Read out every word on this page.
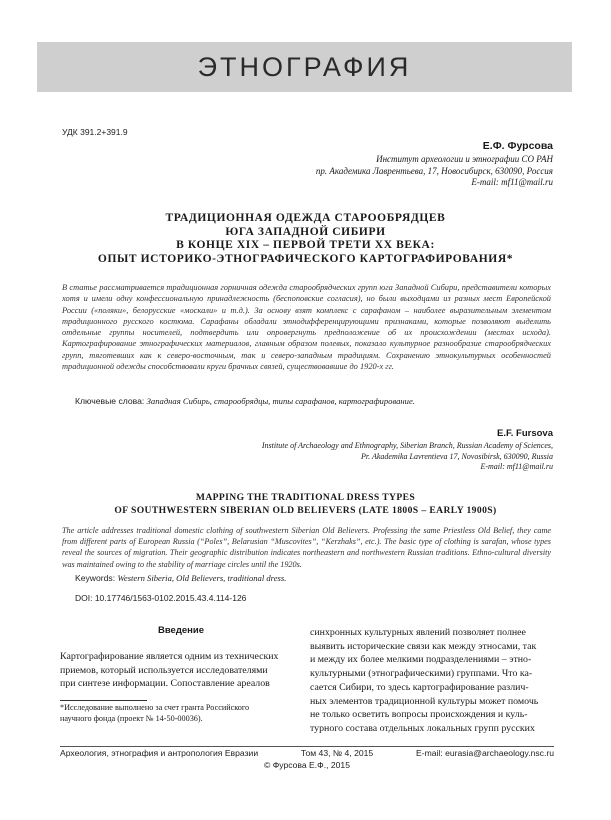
ЭТНОГРАФИЯ
УДК 391.2+391.9
Е.Ф. Фурсова
Институт археологии и этнографии СО РАН
пр. Академика Лаврентьева, 17, Новосибирск, 630090, Россия
E-mail: mf11@mail.ru
ТРАДИЦИОННАЯ ОДЕЖДА СТАРООБРЯДЦЕВ
ЮГА ЗАПАДНОЙ СИБИРИ
В КОНЦЕ XIX – ПЕРВОЙ ТРЕТИ XX ВЕКА:
ОПЫТ ИСТОРИКО-ЭТНОГРАФИЧЕСКОГО КАРТОГРАФИРОВАНИЯ*
В статье рассматривается традиционная горничная одежда старообрядческих групп юга Западной Сибири, представители которых хотя и имели одну конфессиональную принадлежность (беспоповские согласия), но были выходцами из разных мест Европейской России («поляки», белорусские «москали» и т.д.). За основу взят комплекс с сарафаном – наиболее выразительным элементом традиционного русского костюма. Сарафаны обладали этнодифференцирующими признаками, которые позволяют выделить отдельные группы носителей, подтвердить или опровергнуть предположение об их происхождении (местах исхода). Картографирование этнографических материалов, главным образом полевых, показало культурное разнообразие старообрядческих групп, тяготевших как к северо-восточным, так и северо-западным традициям. Сохранению этнокультурных особенностей традиционной одежды способствовали круги брачных связей, существовавшие до 1920-х гг.
Ключевые слова: Западная Сибирь, старообрядцы, типы сарафанов, картографирование.
E.F. Fursova
Institute of Archaeology and Ethnography, Siberian Branch, Russian Academy of Sciences,
Pr. Akademika Lavrentieva 17, Novosibirsk, 630090, Russia
E-mail: mf11@mail.ru
MAPPING THE TRADITIONAL DRESS TYPES
OF SOUTHWESTERN SIBERIAN OLD BELIEVERS (LATE 1800S – EARLY 1900S)
The article addresses traditional domestic clothing of southwestern Siberian Old Believers. Professing the same Priestless Old Belief, they came from different parts of European Russia (“Poles”, Belarusian “Muscovites”, “Kerzhaks”, etc.). The basic type of clothing is sarafan, whose types reveal the sources of migration. Their geographic distribution indicates northeastern and northwestern Russian traditions. Ethno-cultural diversity was maintained owing to the stability of marriage circles until the 1920s.
Keywords: Western Siberia, Old Believers, traditional dress.
DOI: 10.17746/1563-0102.2015.43.4.114-126
Введение
Картографирование является одним из технических
приемов, который используется исследователями
при синтезе информации. Сопоставление ареалов
синхронных культурных явлений позволяет полнее
выявить исторические связи как между этносами, так
и между их более мелкими подразделениями – этно-
культурными (этнографическими) группами. Что ка-
сается Сибири, то здесь картографирование различ-
ных элементов традиционной культуры может помочь
не только осветить вопросы происхождения и куль-
турного состава отдельных локальных групп русских
*Исследование выполнено за счет гранта Российского
научного фонда (проект № 14-50-00036).
Археология, этнография и антропология Евразии	Том 43, № 4, 2015	E-mail: eurasia@archaeology.nsc.ru
© Фурсова Е.Ф., 2015
